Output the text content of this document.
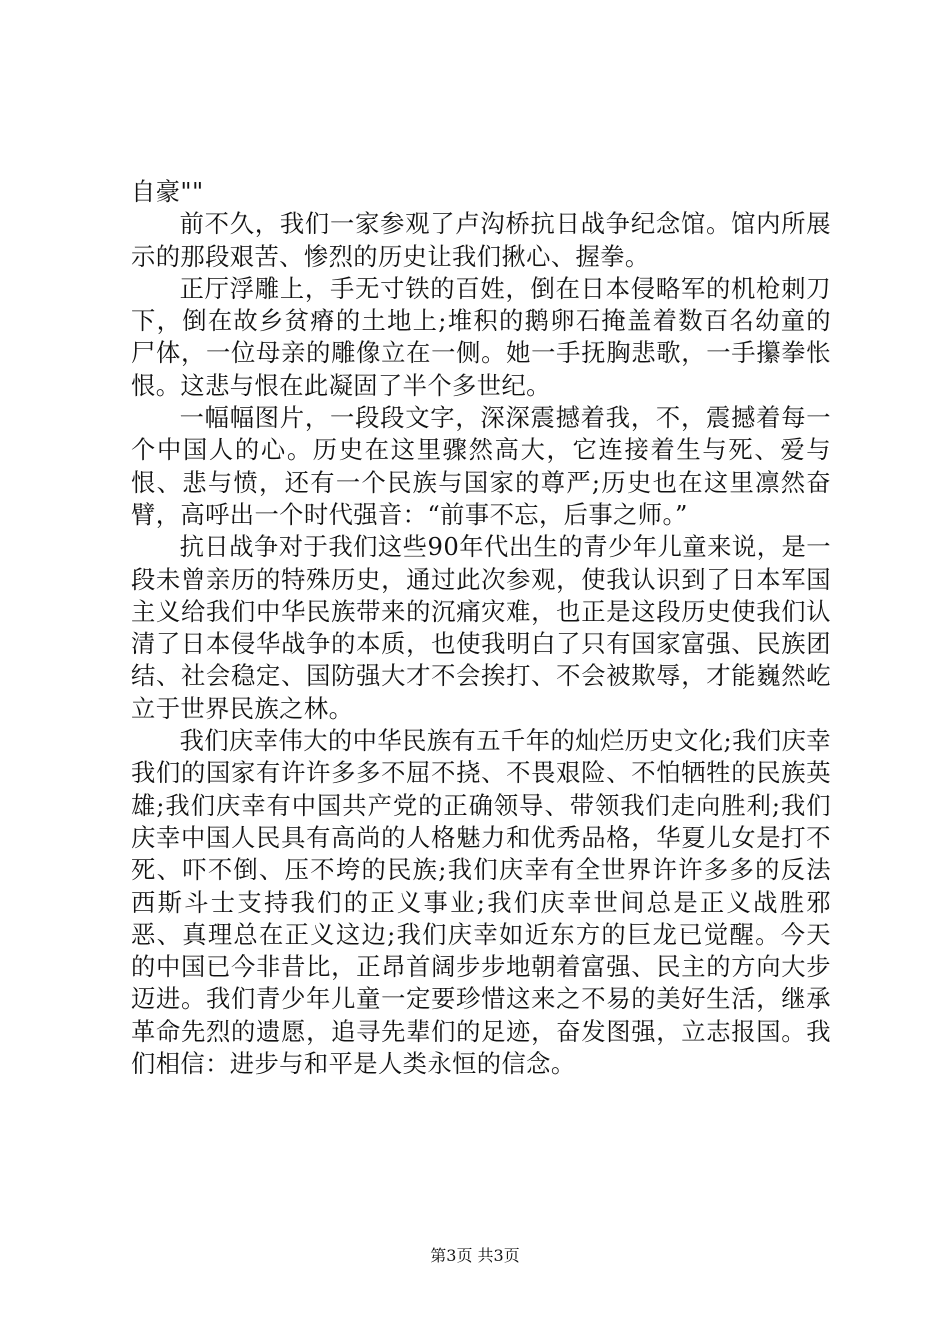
自豪""

前不久，我们一家参观了卢沟桥抗日战争纪念馆。馆内所展示的那段艰苦、惨烈的历史让我们揪心、握拳。

正厅浮雕上，手无寸铁的百姓，倒在日本侵略军的机枪刺刀下，倒在故乡贫瘠的土地上;堆积的鹅卵石掩盖着数百名幼童的尸体，一位母亲的雕像立在一侧。她一手抚胸悲歌，一手攥拳怅恨。这悲与恨在此凝固了半个多世纪。

一幅幅图片，一段段文字，深深震撼着我，不，震撼着每一个中国人的心。历史在这里骤然高大，它连接着生与死、爱与恨、悲与愤，还有一个民族与国家的尊严;历史也在这里凛然奋臂，高呼出一个时代强音：“前事不忘，后事之师。”

抗日战争对于我们这些90年代出生的青少年儿童来说，是一段未曾亲历的特殊历史，通过此次参观，使我认识到了日本军国主义给我们中华民族带来的沉痛灾难，也正是这段历史使我们认清了日本侵华战争的本质，也使我明白了只有国家富强、民族团结、社会稳定、国防强大才不会挨打、不会被欺辱，才能巍然屹立于世界民族之林。

我们庆幸伟大的中华民族有五千年的灿烂历史文化;我们庆幸我们的国家有许许多多不屈不挠、不畏艰险、不怕牺牲的民族英雄;我们庆幸有中国共产党的正确领导、带领我们走向胜利;我们庆幸中国人民具有高尚的人格魅力和优秀品格，华夏儿女是打不死、吓不倒、压不垮的民族;我们庆幸有全世界许许多多的反法西斯斗士支持我们的正义事业;我们庆幸世间总是正义战胜邪恶、真理总在正义这边;我们庆幸如近东方的巨龙已觉醒。今天的中国已今非昔比，正昂首阔步步地朝着富强、民主的方向大步迈进。我们青少年儿童一定要珍惜这来之不易的美好生活，继承革命先烈的遗愿，追寻先辈们的足迹，奋发图强，立志报国。我们相信：进步与和平是人类永恒的信念。

第3页 共3页
